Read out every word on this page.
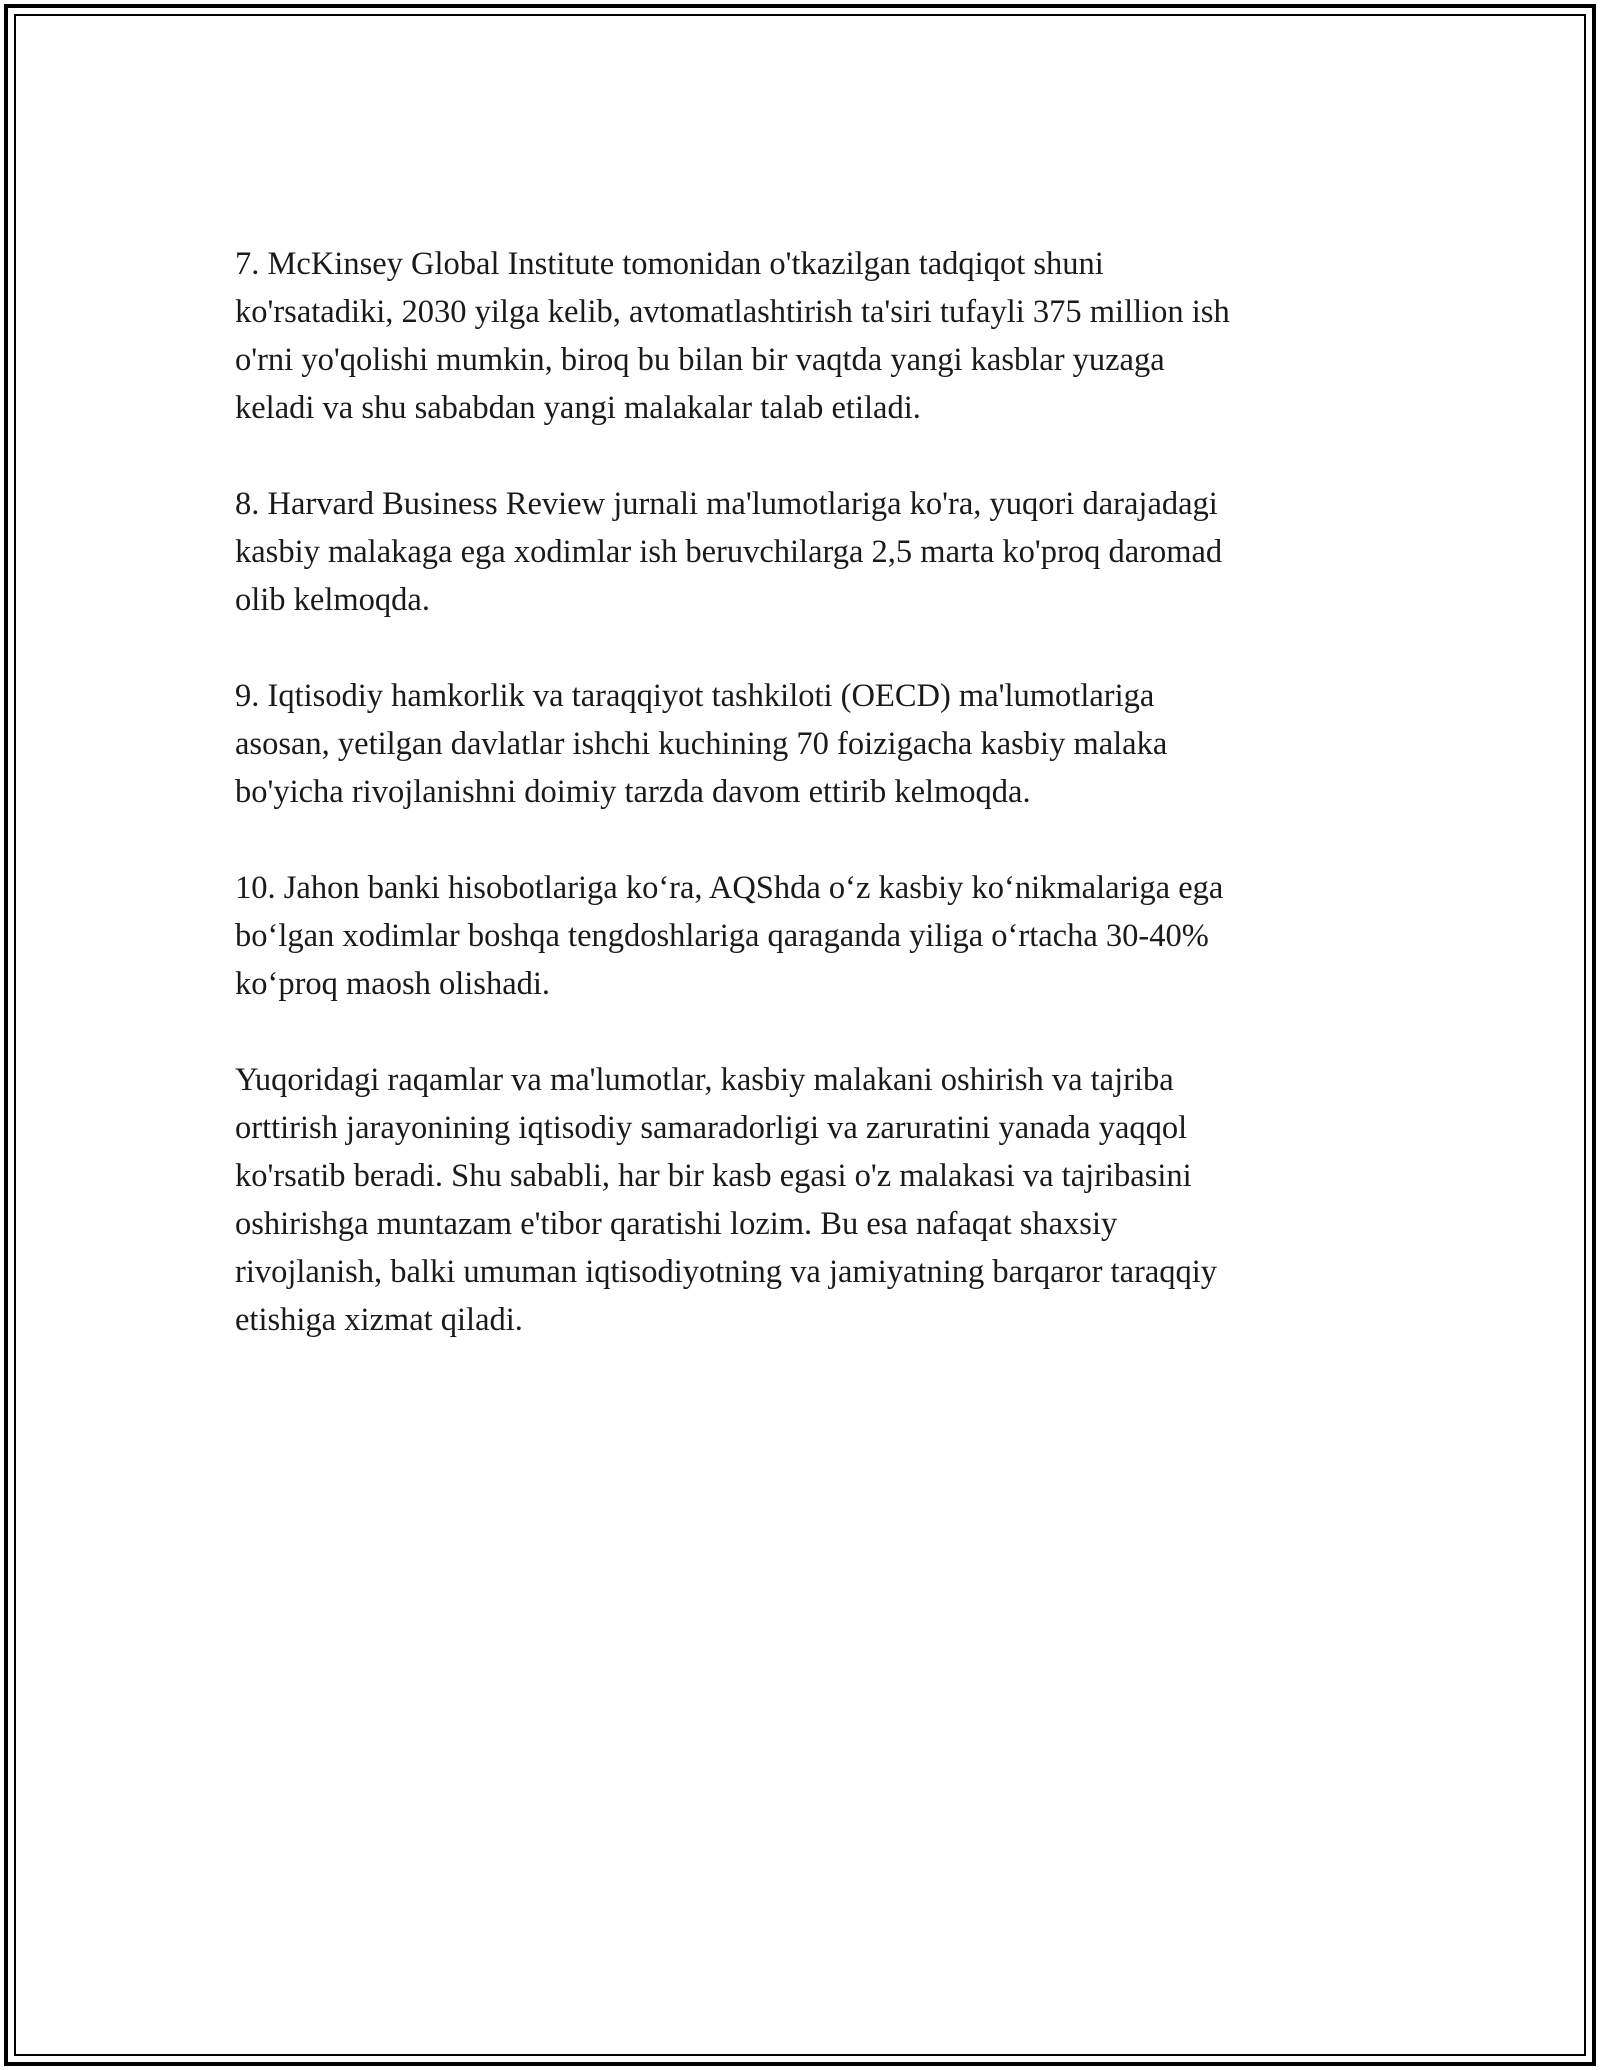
7. McKinsey Global Institute tomonidan o'tkazilgan tadqiqot shuni
ko'rsatadiki, 2030 yilga kelib, avtomatlashtirish ta'siri tufayli 375 million ish
o'rni yo'qolishi mumkin, biroq bu bilan bir vaqtda yangi kasblar yuzaga
keladi va shu sababdan yangi malakalar talab etiladi.

8. Harvard Business Review jurnali ma'lumotlariga ko'ra, yuqori darajadagi
kasbiy malakaga ega xodimlar ish beruvchilarga 2,5 marta ko'proq daromad
olib kelmoqda.

9. Iqtisodiy hamkorlik va taraqqiyot tashkiloti (OECD) ma'lumotlariga
asosan, yetilgan davlatlar ishchi kuchining 70 foizigacha kasbiy malaka
bo'yicha rivojlanishni doimiy tarzda davom ettirib kelmoqda.

10. Jahon banki hisobotlariga ko‘ra, AQShda o‘z kasbiy ko‘nikmalariga ega
bo‘lgan xodimlar boshqa tengdoshlariga qaraganda yiliga o‘rtacha 30-40%
ko‘proq maosh olishadi.

Yuqoridagi raqamlar va ma'lumotlar, kasbiy malakani oshirish va tajriba
orttirish jarayonining iqtisodiy samaradorligi va zaruratini yanada yaqqol
ko'rsatib beradi. Shu sababli, har bir kasb egasi o'z malakasi va tajribasini
oshirishga muntazam e'tibor qaratishi lozim. Bu esa nafaqat shaxsiy
rivojlanish, balki umuman iqtisodiyotning va jamiyatning barqaror taraqqiy
etishiga xizmat qiladi.
